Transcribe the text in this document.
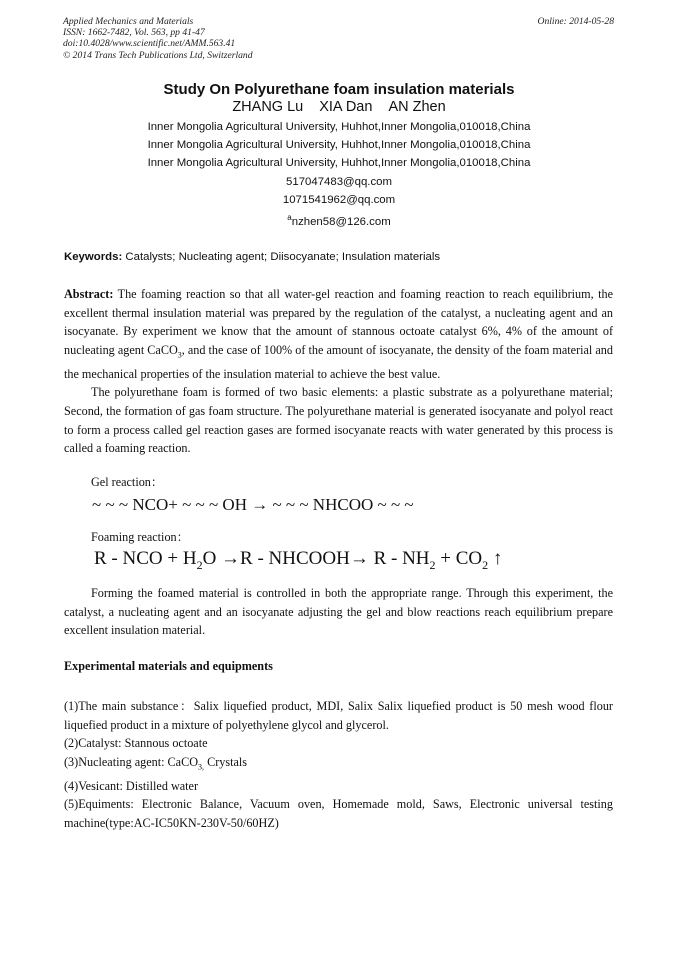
Applied Mechanics and Materials
ISSN: 1662-7482, Vol. 563, pp 41-47
doi:10.4028/www.scientific.net/AMM.563.41
© 2014 Trans Tech Publications Ltd, Switzerland
Online: 2014-05-28
Study On Polyurethane foam insulation materials
ZHANG Lu XIA Dan AN Zhen
Inner Mongolia Agricultural University, Huhhot,Inner Mongolia,010018,China
Inner Mongolia Agricultural University, Huhhot,Inner Mongolia,010018,China
Inner Mongolia Agricultural University, Huhhot,Inner Mongolia,010018,China
517047483@qq.com
1071541962@qq.com
$^a$nzhen58@126.com
Keywords: Catalysts; Nucleating agent; Diisocyanate; Insulation materials

Abstract: The foaming reaction so that all water-gel reaction and foaming reaction to reach equilibrium, the excellent thermal insulation material was prepared by the regulation of the catalyst, a nucleating agent and an isocyanate. By experiment we know that the amount of stannous octoate catalyst 6%, 4% of the amount of nucleating agent CaCO$_3$, and the case of 100% of the amount of isocyanate, the density of the foam material and the mechanical properties of the insulation material to achieve the best value.

The polyurethane foam is formed of two basic elements: a plastic substrate as a polyurethane material; Second, the formation of gas foam structure. The polyurethane material is generated isocyanate and polyol react to form a process called gel reaction gases are formed isocyanate reacts with water generated by this process is called a foaming reaction.

Gel reaction：
~ ~ ~ NCO+ ~ ~ ~ OH → ~ ~ ~ NHCOO ~ ~ ~
Foaming reaction：
R - NCO + $H_2O \to R$ - NHCOOH→ $R - NH_2 + CO_2$ ↑

Forming the foamed material is controlled in both the appropriate range. Through this experiment, the catalyst, a nucleating agent and an isocyanate adjusting the gel and blow reactions reach equilibrium prepare excellent insulation material.

Experimental materials and equipments

(1)The main substance：Salix liquefied product, MDI, Salix Salix liquefied product is 50 mesh wood flour liquefied product in a mixture of polyethylene glycol and glycerol.

(2)Catalyst: Stannous octoate

(3)Nucleating agent: CaCO$_{3,}$ Crystals

(4)Vesicant: Distilled water

(5)Equiments: Electronic Balance, Vacuum oven, Homemade mold, Saws, Electronic universal testing machine(type:AC-IC50KN-230V-50/60HZ)
